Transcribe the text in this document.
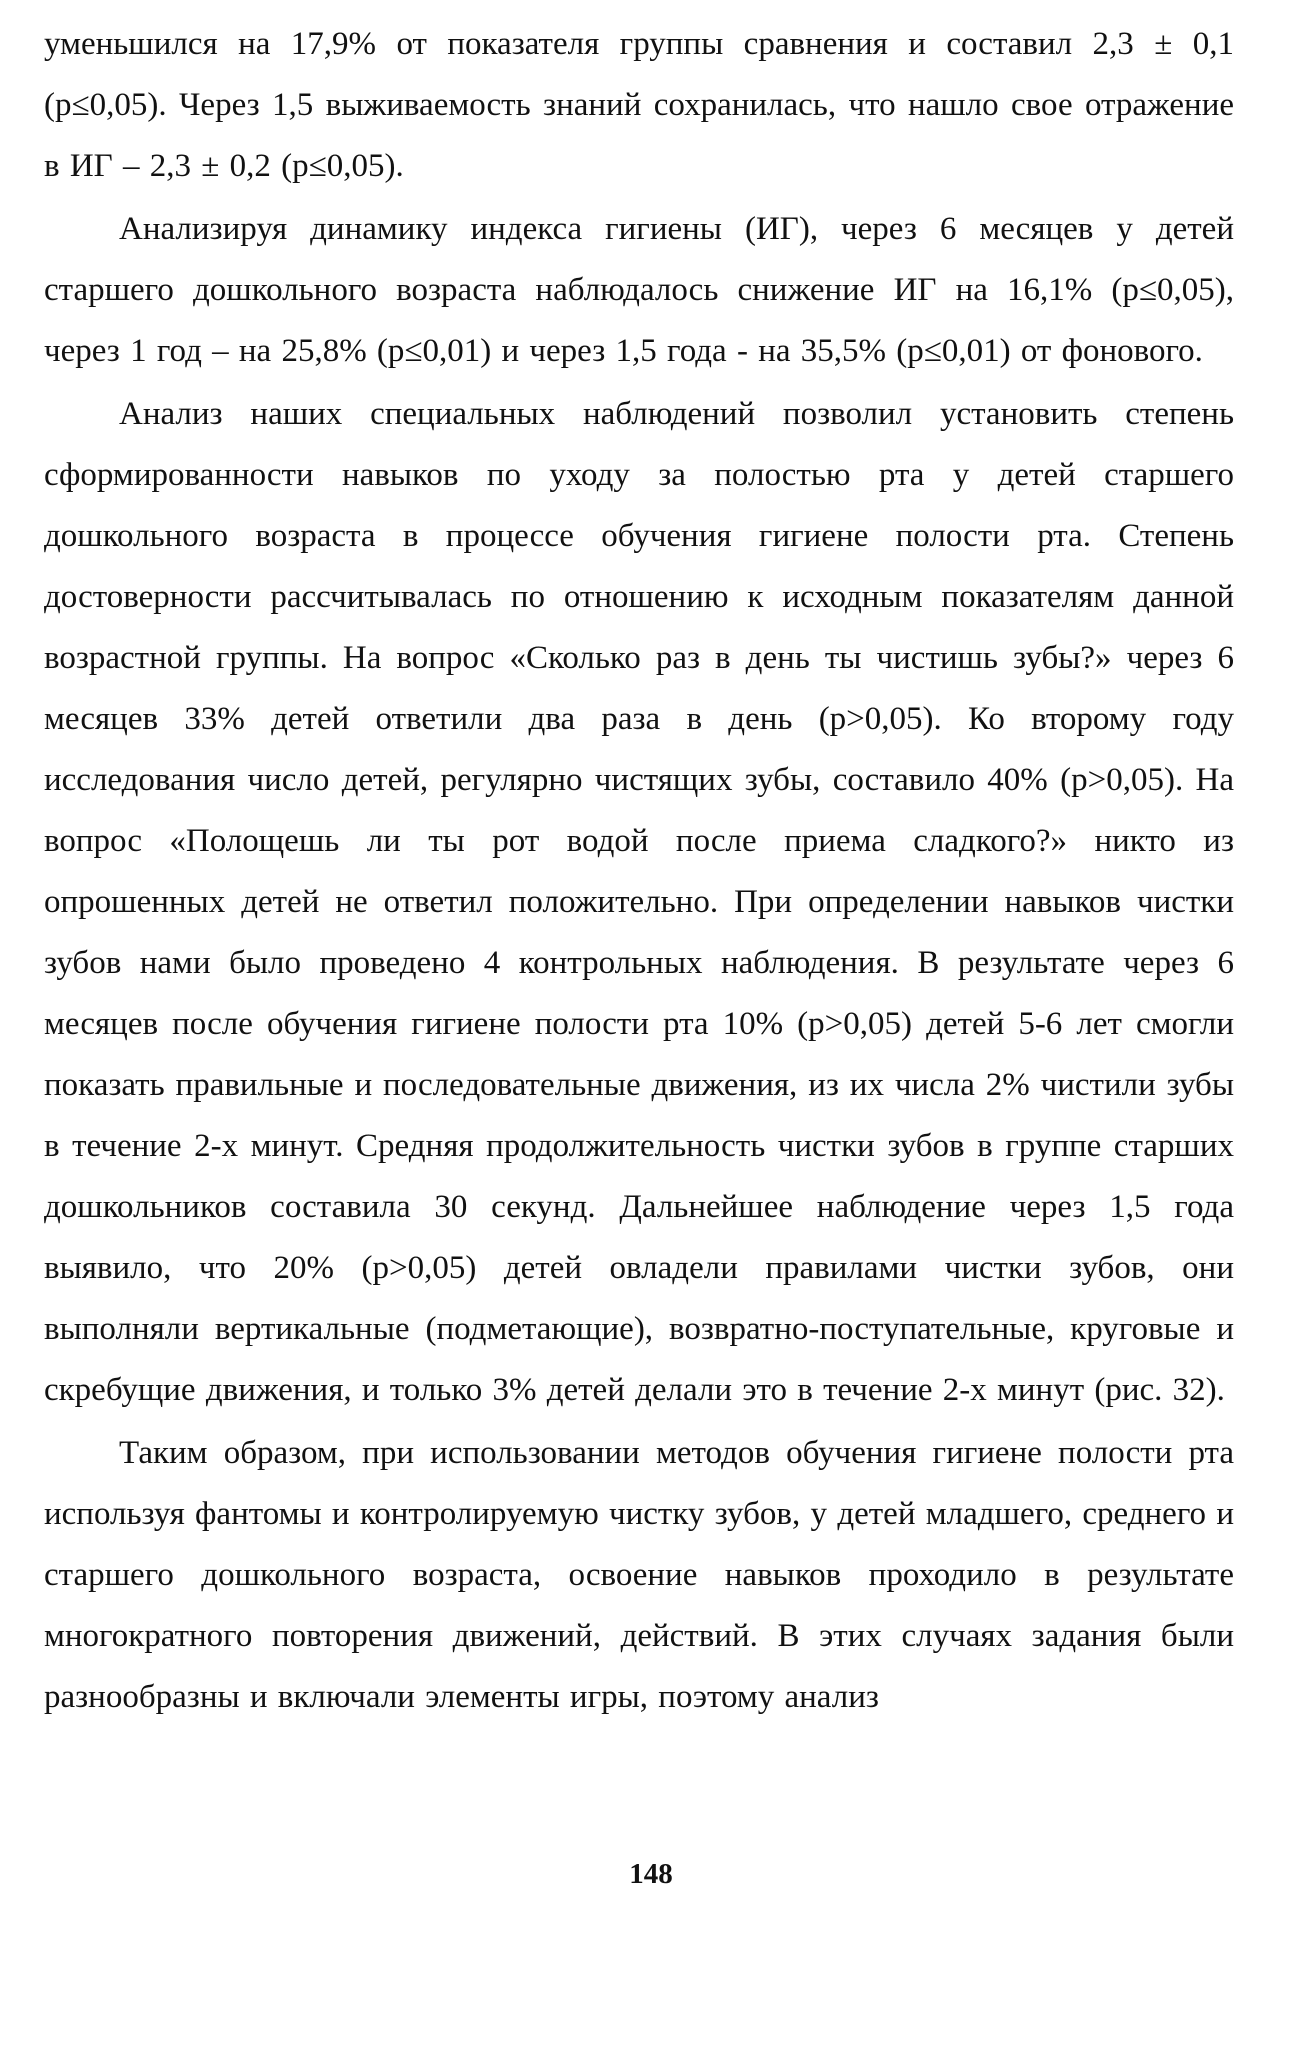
уменьшился на 17,9% от показателя группы сравнения и составил 2,3 ± 0,1 (р≤0,05). Через 1,5 выживаемость знаний сохранилась, что нашло свое отражение в ИГ – 2,3 ± 0,2 (р≤0,05).

Анализируя динамику индекса гигиены (ИГ), через 6 месяцев у детей старшего дошкольного возраста наблюдалось снижение ИГ на 16,1% (р≤0,05), через 1 год – на 25,8% (р≤0,01) и через 1,5 года - на 35,5% (р≤0,01) от фонового.

Анализ наших специальных наблюдений позволил установить степень сформированности навыков по уходу за полостью рта у детей старшего дошкольного возраста в процессе обучения гигиене полости рта. Степень достоверности рассчитывалась по отношению к исходным показателям данной возрастной группы. На вопрос «Сколько раз в день ты чистишь зубы?» через 6 месяцев 33% детей ответили два раза в день (р>0,05). Ко второму году исследования число детей, регулярно чистящих зубы, составило 40% (р>0,05). На вопрос «Полощешь ли ты рот водой после приема сладкого?» никто из опрошенных детей не ответил положительно. При определении навыков чистки зубов нами было проведено 4 контрольных наблюдения. В результате через 6 месяцев после обучения гигиене полости рта 10% (р>0,05) детей 5-6 лет смогли показать правильные и последовательные движения, из их числа 2% чистили зубы в течение 2-х минут. Средняя продолжительность чистки зубов в группе старших дошкольников составила 30 секунд. Дальнейшее наблюдение через 1,5 года выявило, что 20% (р>0,05) детей овладели правилами чистки зубов, они выполняли вертикальные (подметающие), возвратно-поступательные, круговые и скребущие движения, и только 3% детей делали это в течение 2-х минут (рис. 32).

Таким образом, при использовании методов обучения гигиене полости рта используя фантомы и контролируемую чистку зубов, у детей младшего, среднего и старшего дошкольного возраста, освоение навыков проходило в результате многократного повторения движений, действий. В этих случаях задания были разнообразны и включали элементы игры, поэтому анализ

148
